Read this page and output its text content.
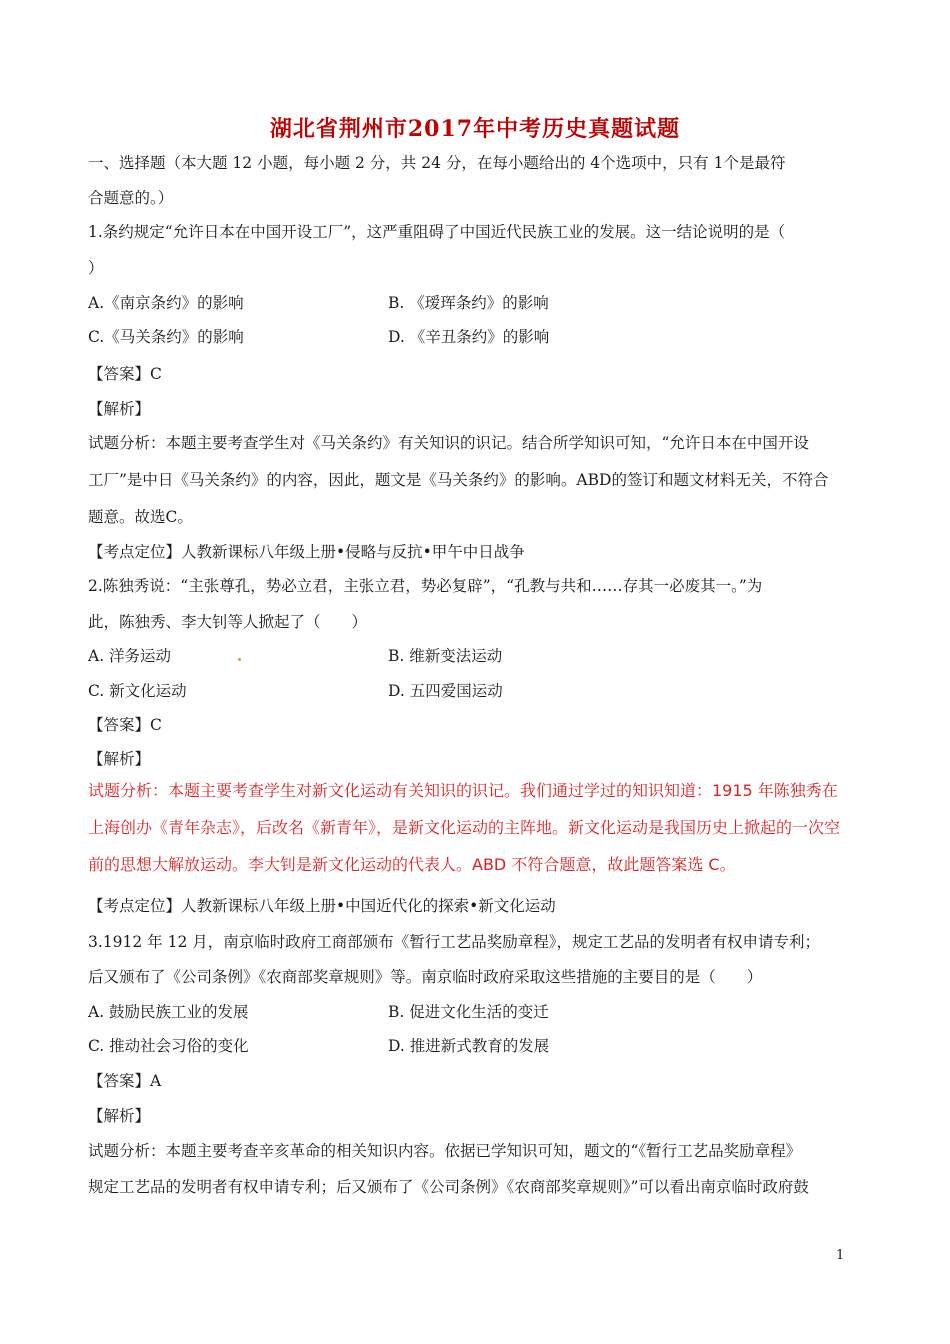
湖北省荆州市2017年中考历史真题试题
一、选择题（本大题 12 小题，每小题 2 分，共 24 分，在每小题给出的 4个选项中，只有 1个是最符
合题意的。）
1.条约规定“允许日本在中国开设工厂”，这严重阻碍了中国近代民族工业的发展。这一结论说明的是（
）
A.《南京条约》的影响	B. 《瑷珲条约》的影响
C.《马关条约》的影响	D. 《辛丑条约》的影响
【答案】C
【解析】
试题分析：本题主要考查学生对《马关条约》有关知识的识记。结合所学知识可知，“允许日本在中国开设
工厂”是中日《马关条约》的内容，因此，题文是《马关条约》的影响。ABD的签订和题文材料无关，不符合
题意。故选C。
【考点定位】人教新课标八年级上册•侵略与反抗•甲午中日战争
2.陈独秀说：“主张尊孔，势必立君，主张立君，势必复辟”，“孔教与共和……存其一必废其一。”为
此，陈独秀、李大钊等人掀起了（　　）
A. 洋务运动	B. 维新变法运动
C. 新文化运动	D. 五四爱国运动
【答案】C
【解析】
试题分析：本题主要考查学生对新文化运动有关知识的识记。我们通过学过的知识知道：1915 年陈独秀在
上海创办《青年杂志》，后改名《新青年》，是新文化运动的主阵地。新文化运动是我国历史上掀起的一次空
前的思想大解放运动。李大钊是新文化运动的代表人。ABD 不符合题意，故此题答案选 C。
【考点定位】人教新课标八年级上册•中国近代化的探索•新文化运动
3.1912 年 12 月，南京临时政府工商部颁布《暂行工艺品奖励章程》，规定工艺品的发明者有权申请专利；
后又颁布了《公司条例》《农商部奖章规则》等。南京临时政府采取这些措施的主要目的是（　　）
A. 鼓励民族工业的发展	B. 促进文化生活的变迁
C. 推动社会习俗的变化	D. 推进新式教育的发展
【答案】A
【解析】
试题分析：本题主要考查辛亥革命的相关知识内容。依据已学知识可知，题文的“《暂行工艺品奖励章程》
规定工艺品的发明者有权申请专利；后又颁布了《公司条例》《农商部奖章规则》”可以看出南京临时政府鼓
1
